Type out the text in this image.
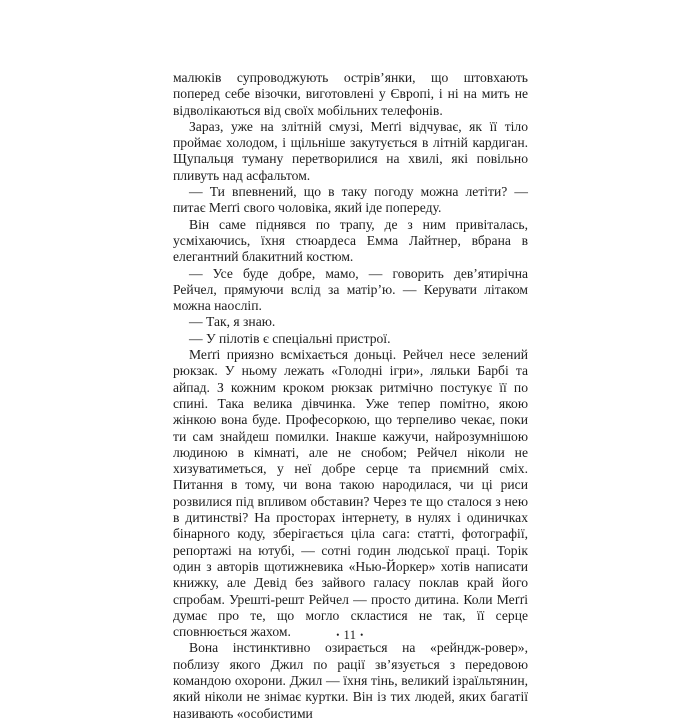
малюків супроводжують острів’янки, що штовхають поперед себе візочки, виготовлені у Європі, і ні на мить не відволікаються від своїх мобільних телефонів.

Зараз, уже на злітній смузі, Меґґі відчуває, як її тіло проймає холодом, і щільніше закутується в літній кардиган. Щупальця туману перетворилися на хвилі, які повільно пливуть над асфальтом.

— Ти впевнений, що в таку погоду можна летіти? — питає Меґґі свого чоловіка, який іде попереду.

Він саме піднявся по трапу, де з ним привіталась, усміхаючись, їхня стюардеса Емма Лайтнер, вбрана в елегантний блакитний костюм.

— Усе буде добре, мамо, — говорить дев’ятирічна Рейчел, прямуючи вслід за матір’ю. — Керувати літаком можна наосліп.

— Так, я знаю.

— У пілотів є спеціальні пристрої.

Меґґі приязно всміхається доньці. Рейчел несе зелений рюкзак. У ньому лежать «Голодні ігри», ляльки Барбі та айпад. З кожним кроком рюкзак ритмічно постукує її по спині. Така велика дівчинка. Уже тепер помітно, якою жінкою вона буде. Професоркою, що терпеливо чекає, поки ти сам знайдеш помилки. Інакше кажучи, найрозумнішою людиною в кімнаті, але не снобом; Рейчел ніколи не хизуватиметься, у неї добре серце та приємний сміх. Питання в тому, чи вона такою народилася, чи ці риси розвилися під впливом обставин? Через те що сталося з нею в дитинстві? На просторах інтернету, в нулях і одиничках бінарного коду, зберігається ціла сага: статті, фотографії, репортажі на ютубі, — сотні годин людської праці. Торік один з авторів щотижневика «Нью-Йоркер» хотів написати книжку, але Девід без зайвого галасу поклав край його спробам. Урешті-решт Рейчел — просто дитина. Коли Меґґі думає про те, що могло скластися не так, її серце сповнюється жахом.

Вона інстинктивно озирається на «рейндж-ровер», поблизу якого Джил по рації зв’язується з передовою командою охорони. Джил — їхня тінь, великий ізраїльтянин, який ніколи не знімає куртки. Він із тих людей, яких багатії називають «особистими

• 11 •
